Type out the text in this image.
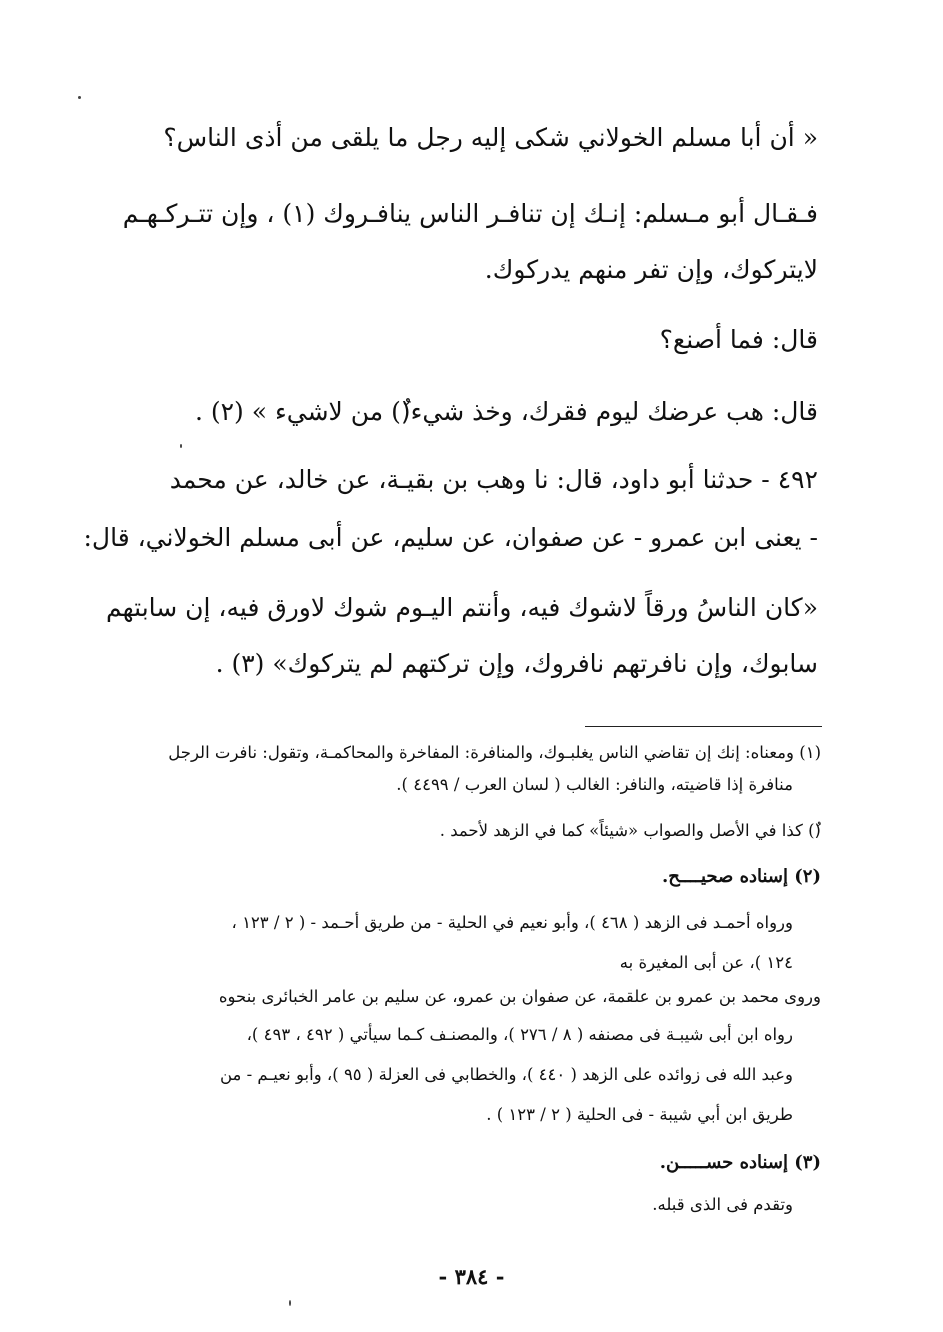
« أن أبا مسلم الخولاني شكى إليه رجل ما يلقى من أذى الناس؟
فـقـال أبو مـسلم: إنـك إن تنافـر الناس ينافـروك (١) ، وإن تتـركـهـم
لايتركوك، وإن تفر منهم يدركوك.
قال: فما أصنع؟
قال: هب عرضك ليوم فقرك، وخذ شيء(ٌ) من لاشيء » (٢) .
٤٩٢ - حدثنا أبو داود، قال: نا وهب بن بقيـة، عن خالد، عن محمد
- يعنى ابن عمرو - عن صفوان، عن سليم، عن أبى مسلم الخولاني، قال:
«كان الناسُ ورقاً لاشوك فيه، وأنتم اليـوم شوك لاورق فيه، إن سابتهم
سابوك، وإن نافرتهم نافروك، وإن تركتهم لم يتركوك» (٣) .
(١) ومعناه: إنك إن تقاضي الناس يغلبـوك، والمنافرة: المفاخرة والمحاكمـة، وتقول: نافرت الرجل
منافرة إذا قاضيته، والنافر: الغالب ( لسان العرب / ٤٤٩٩ ).
(ٌ) كذا في الأصل والصواب «شيئاً» كما في الزهد لأحمد .
(٢) إسناده صحيــــح.
ورواه أحمـد فى الزهد ( ٤٦٨ )، وأبو نعيم في الحلية - من طريق أحـمد - ( ٢ / ١٢٣ ،
١٢٤ )، عن أبى المغيرة به
وروى محمد بن عمرو بن علقمة، عن صفوان بن عمرو، عن سليم بن عامر الخبائرى بنحوه
رواه ابن أبى شيبـة فى مصنفه ( ٨ / ٢٧٦ )، والمصنـف كـما سيأتي ( ٤٩٢ ، ٤٩٣ )،
وعبد الله فى زوائده على الزهد ( ٤٤٠ )، والخطابي فى العزلة ( ٩٥ )، وأبو نعيـم - من
طريق ابن أبي شيبة - فى الحلية ( ٢ / ١٢٣ ) .
(٣) إسناده حســـــن.
وتقدم فى الذى قبله.
- ٣٨٤ -
